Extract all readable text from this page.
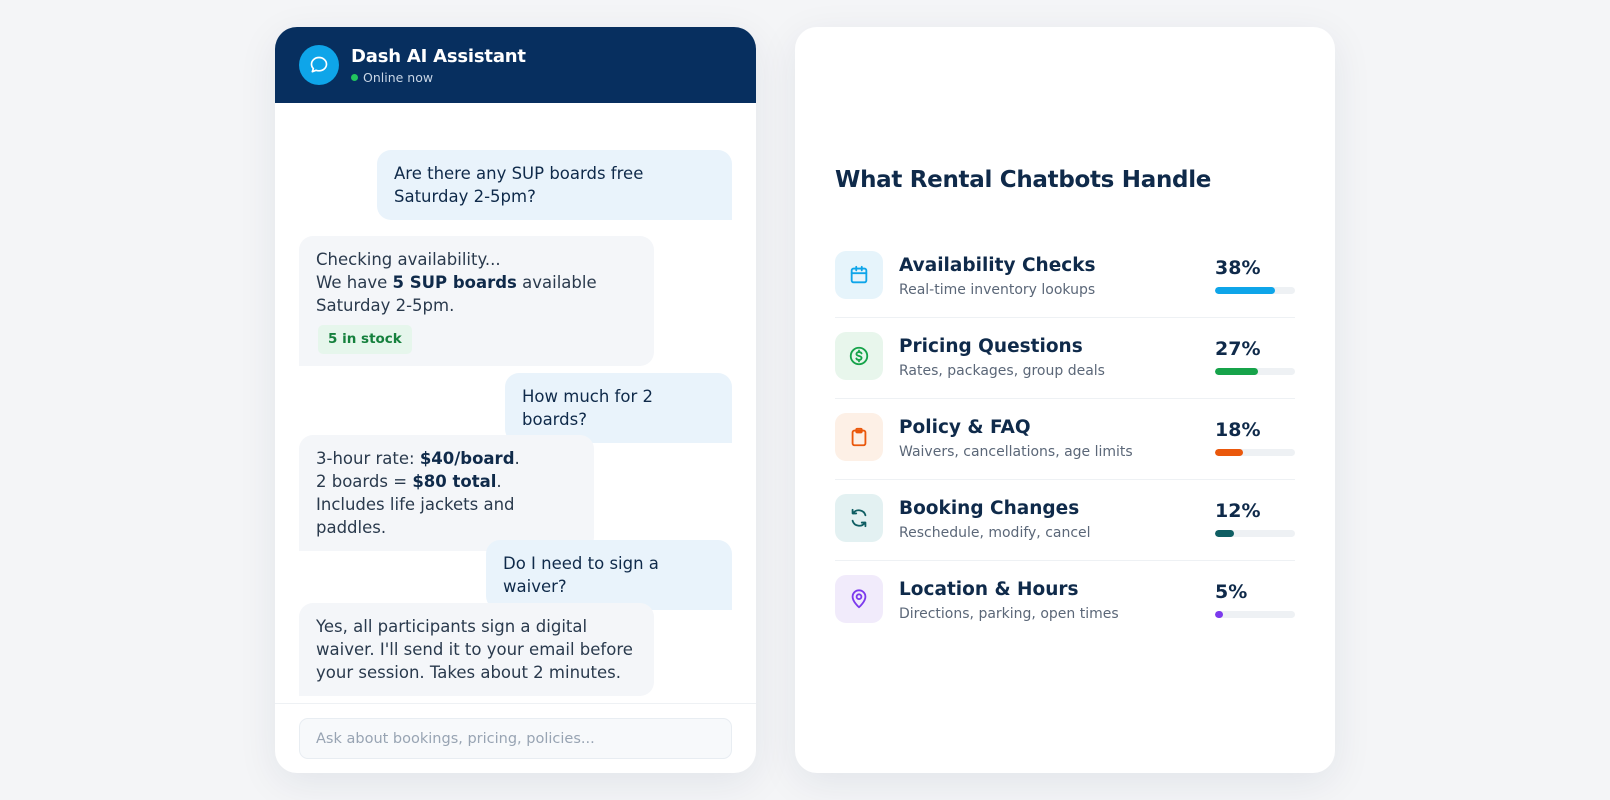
Dash AI Assistant
Online now
Are there any SUP boards free Saturday 2-5pm?
Checking availability...
We have 5 SUP boards available Saturday 2-5pm.
5 in stock
How much for 2 boards?
3-hour rate: $40/board.
2 boards = $80 total.
Includes life jackets and paddles.
Do I need to sign a waiver?
Yes, all participants sign a digital waiver. I'll send it to your email before your session. Takes about 2 minutes.
Ask about bookings, pricing, policies...
What Rental Chatbots Handle
Availability Checks
Real-time inventory lookups
38%
Pricing Questions
Rates, packages, group deals
27%
Policy & FAQ
Waivers, cancellations, age limits
18%
Booking Changes
Reschedule, modify, cancel
12%
Location & Hours
Directions, parking, open times
5%
